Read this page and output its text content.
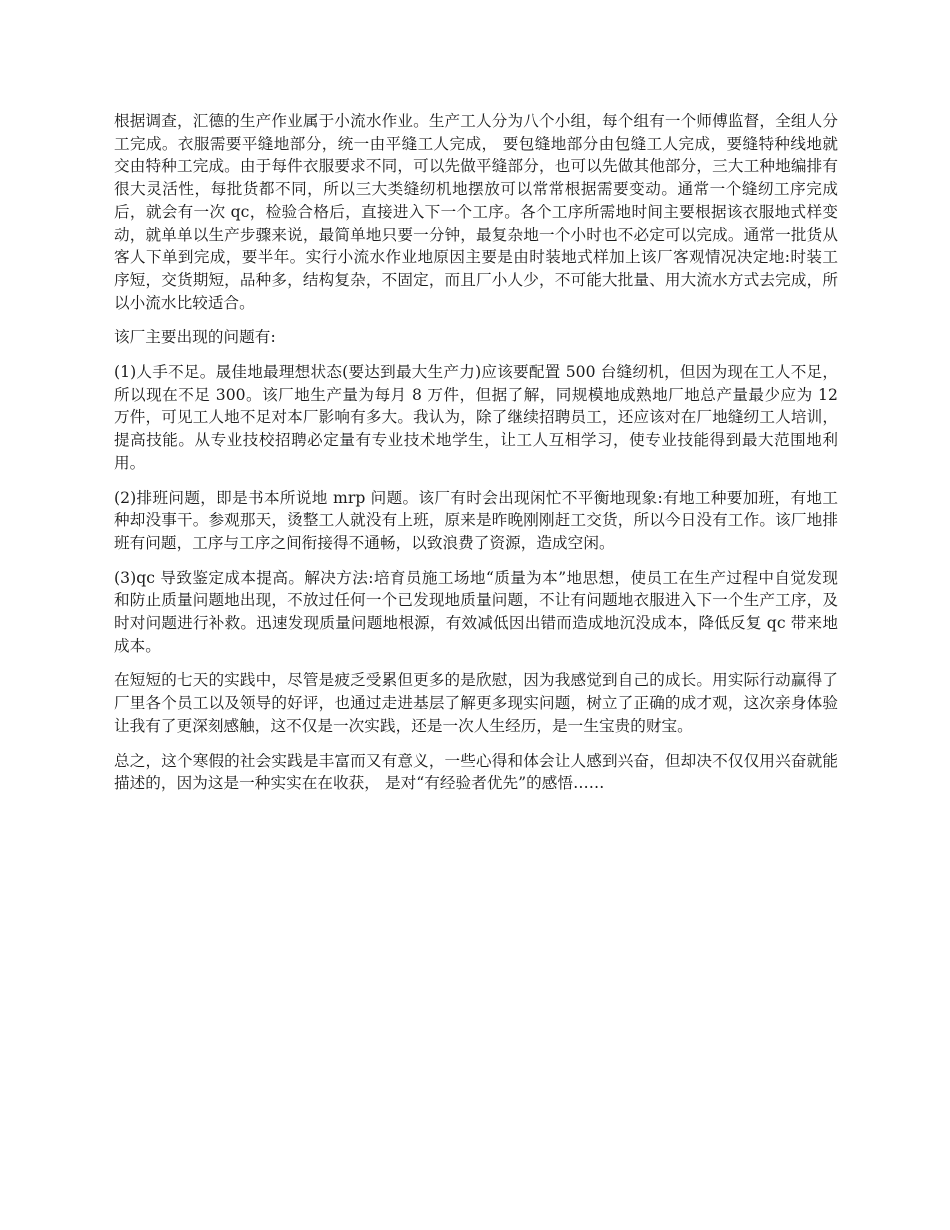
根据调查，汇德的生产作业属于小流水作业。生产工人分为八个小组，每个组有一个师傅监督，全组人分工完成。衣服需要平缝地部分，统一由平缝工人完成， 要包缝地部分由包缝工人完成，要缝特种线地就交由特种工完成。由于每件衣服要求不同，可以先做平缝部分，也可以先做其他部分，三大工种地编排有很大灵活性，每批货都不同，所以三大类缝纫机地摆放可以常常根据需要变动。通常一个缝纫工序完成后，就会有一次 qc，检验合格后，直接进入下一个工序。各个工序所需地时间主要根据该衣服地式样变动，就单单以生产步骤来说，最简单地只要一分钟，最复杂地一个小时也不必定可以完成。通常一批货从客人下单到完成，要半年。实行小流水作业地原因主要是由时装地式样加上该厂客观情况决定地:时装工序短，交货期短，品种多，结构复杂，不固定，而且厂小人少，不可能大批量、用大流水方式去完成，所以小流水比较适合。

该厂主要出现的问题有:

(1)人手不足。晟佳地最理想状态(要达到最大生产力)应该要配置 500 台缝纫机，但因为现在工人不足，所以现在不足 300。该厂地生产量为每月 8 万件，但据了解，同规模地成熟地厂地总产量最少应为 12 万件，可见工人地不足对本厂影响有多大。我认为，除了继续招聘员工，还应该对在厂地缝纫工人培训，提高技能。从专业技校招聘必定量有专业技术地学生，让工人互相学习，使专业技能得到最大范围地利用。

(2)排班问题，即是书本所说地 mrp 问题。该厂有时会出现闲忙不平衡地现象:有地工种要加班，有地工种却没事干。参观那天，烫整工人就没有上班，原来是昨晚刚刚赶工交货，所以今日没有工作。该厂地排班有问题，工序与工序之间衔接得不通畅，以致浪费了资源，造成空闲。

(3)qc 导致鉴定成本提高。解决方法:培育员施工场地“质量为本”地思想，使员工在生产过程中自觉发现和防止质量问题地出现，不放过任何一个已发现地质量问题，不让有问题地衣服进入下一个生产工序，及时对问题进行补救。迅速发现质量问题地根源，有效减低因出错而造成地沉没成本，降低反复 qc 带来地成本。

在短短的七天的实践中，尽管是疲乏受累但更多的是欣慰，因为我感觉到自己的成长。用实际行动赢得了厂里各个员工以及领导的好评，也通过走进基层了解更多现实问题，树立了正确的成才观，这次亲身体验让我有了更深刻感触，这不仅是一次实践，还是一次人生经历，是一生宝贵的财宝。

总之，这个寒假的社会实践是丰富而又有意义，一些心得和体会让人感到兴奋，但却决不仅仅用兴奋就能描述的，因为这是一种实实在在收获， 是对“有经验者优先”的感悟……
